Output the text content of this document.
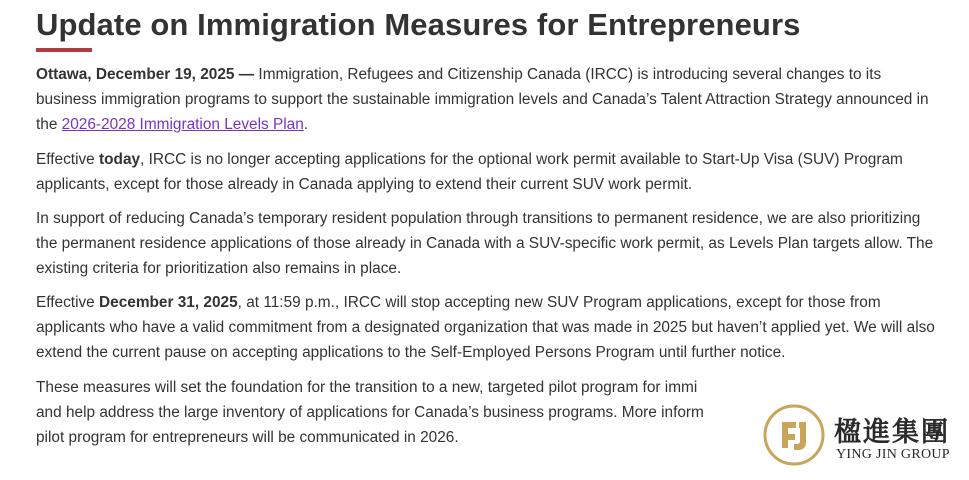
Update on Immigration Measures for Entrepreneurs

Ottawa, December 19, 2025 — Immigration, Refugees and Citizenship Canada (IRCC) is introducing several changes to its business immigration programs to support the sustainable immigration levels and Canada’s Talent Attraction Strategy announced in the 2026-2028 Immigration Levels Plan.

Effective today, IRCC is no longer accepting applications for the optional work permit available to Start-Up Visa (SUV) Program applicants, except for those already in Canada applying to extend their current SUV work permit.

In support of reducing Canada’s temporary resident population through transitions to permanent residence, we are also prioritizing the permanent residence applications of those already in Canada with a SUV-specific work permit, as Levels Plan targets allow. The existing criteria for prioritization also remains in place.

Effective December 31, 2025, at 11:59 p.m., IRCC will stop accepting new SUV Program applications, except for those from applicants who have a valid commitment from a designated organization that was made in 2025 but haven’t applied yet. We will also extend the current pause on accepting applications to the Self-Employed Persons Program until further notice.

These measures will set the foundation for the transition to a new, targeted pilot program for immi
and help address the large inventory of applications for Canada’s business programs. More inform
pilot program for entrepreneurs will be communicated in 2026.	楹進集團
YING JIN GROUP
